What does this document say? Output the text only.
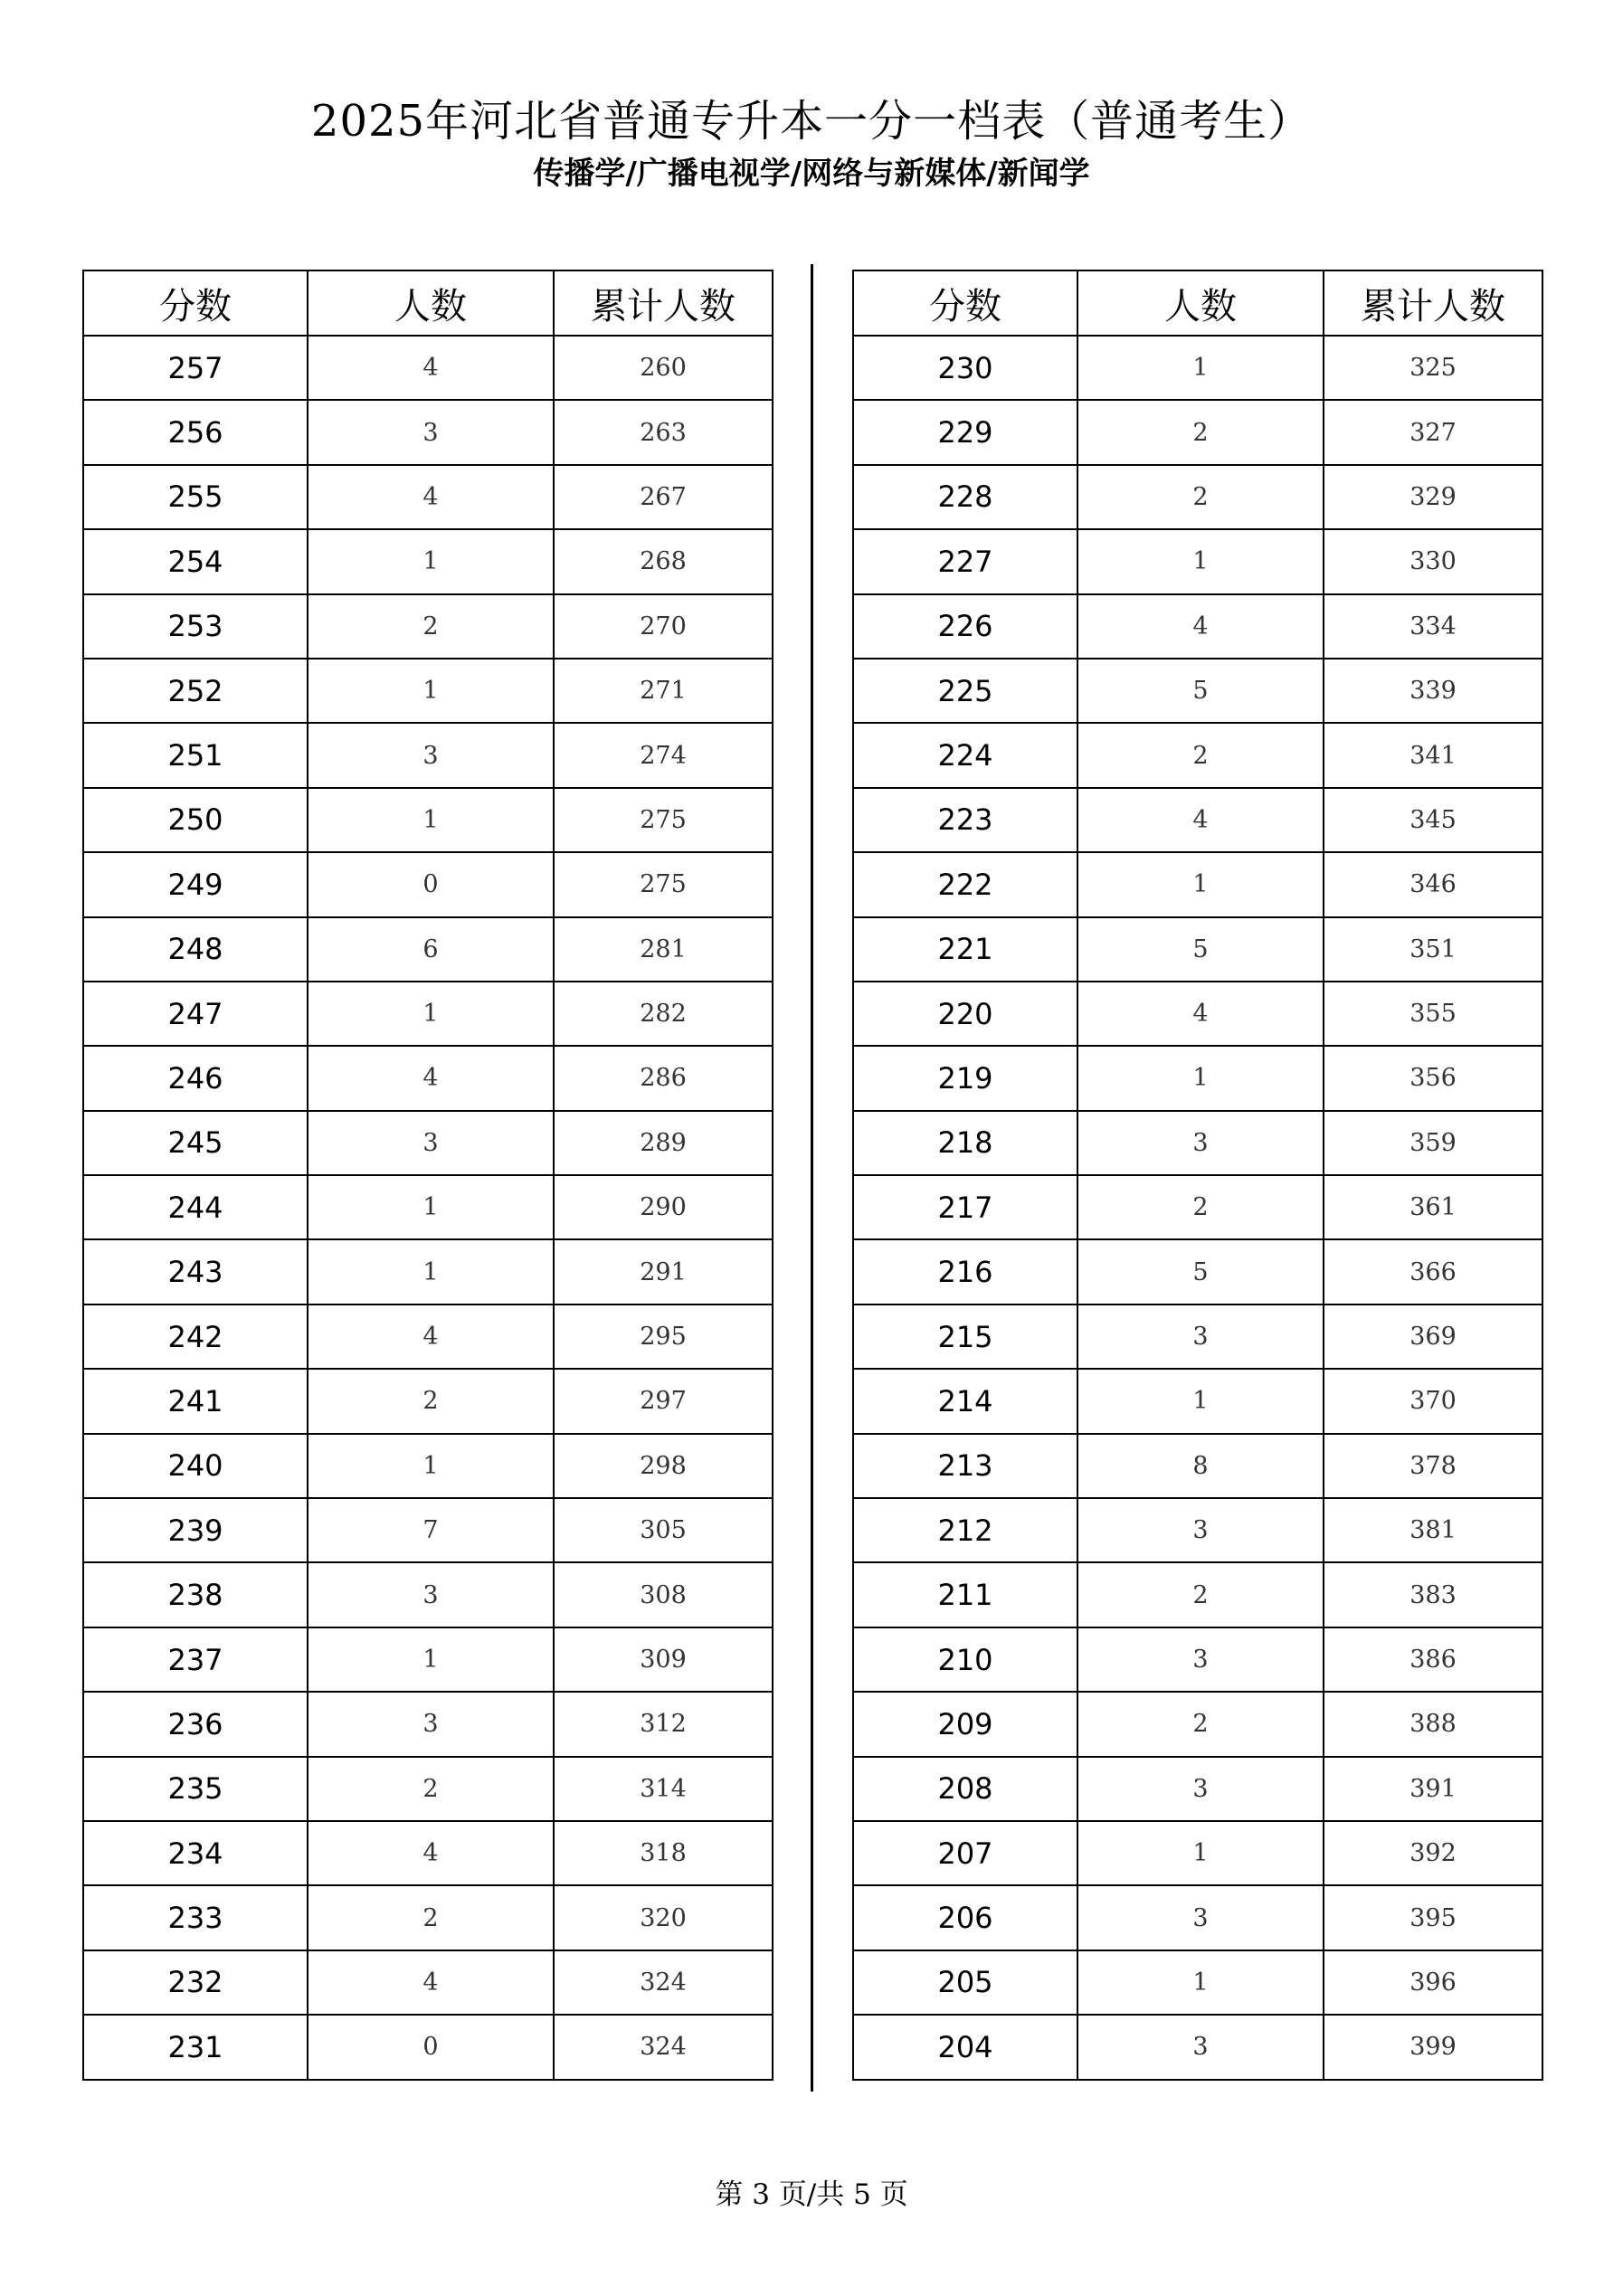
2025年河北省普通专升本一分一档表（普通考生）
传播学/广播电视学/网络与新媒体/新闻学
分数	人数	累计人数
257	4	260
256	3	263
255	4	267
254	1	268
253	2	270
252	1	271
251	3	274
250	1	275
249	0	275
248	6	281
247	1	282
246	4	286
245	3	289
244	1	290
243	1	291
242	4	295
241	2	297
240	1	298
239	7	305
238	3	308
237	1	309
236	3	312
235	2	314
234	4	318
233	2	320
232	4	324
231	0	324
分数	人数	累计人数
230	1	325
229	2	327
228	2	329
227	1	330
226	4	334
225	5	339
224	2	341
223	4	345
222	1	346
221	5	351
220	4	355
219	1	356
218	3	359
217	2	361
216	5	366
215	3	369
214	1	370
213	8	378
212	3	381
211	2	383
210	3	386
209	2	388
208	3	391
207	1	392
206	3	395
205	1	396
204	3	399
第 3 页/共 5 页
